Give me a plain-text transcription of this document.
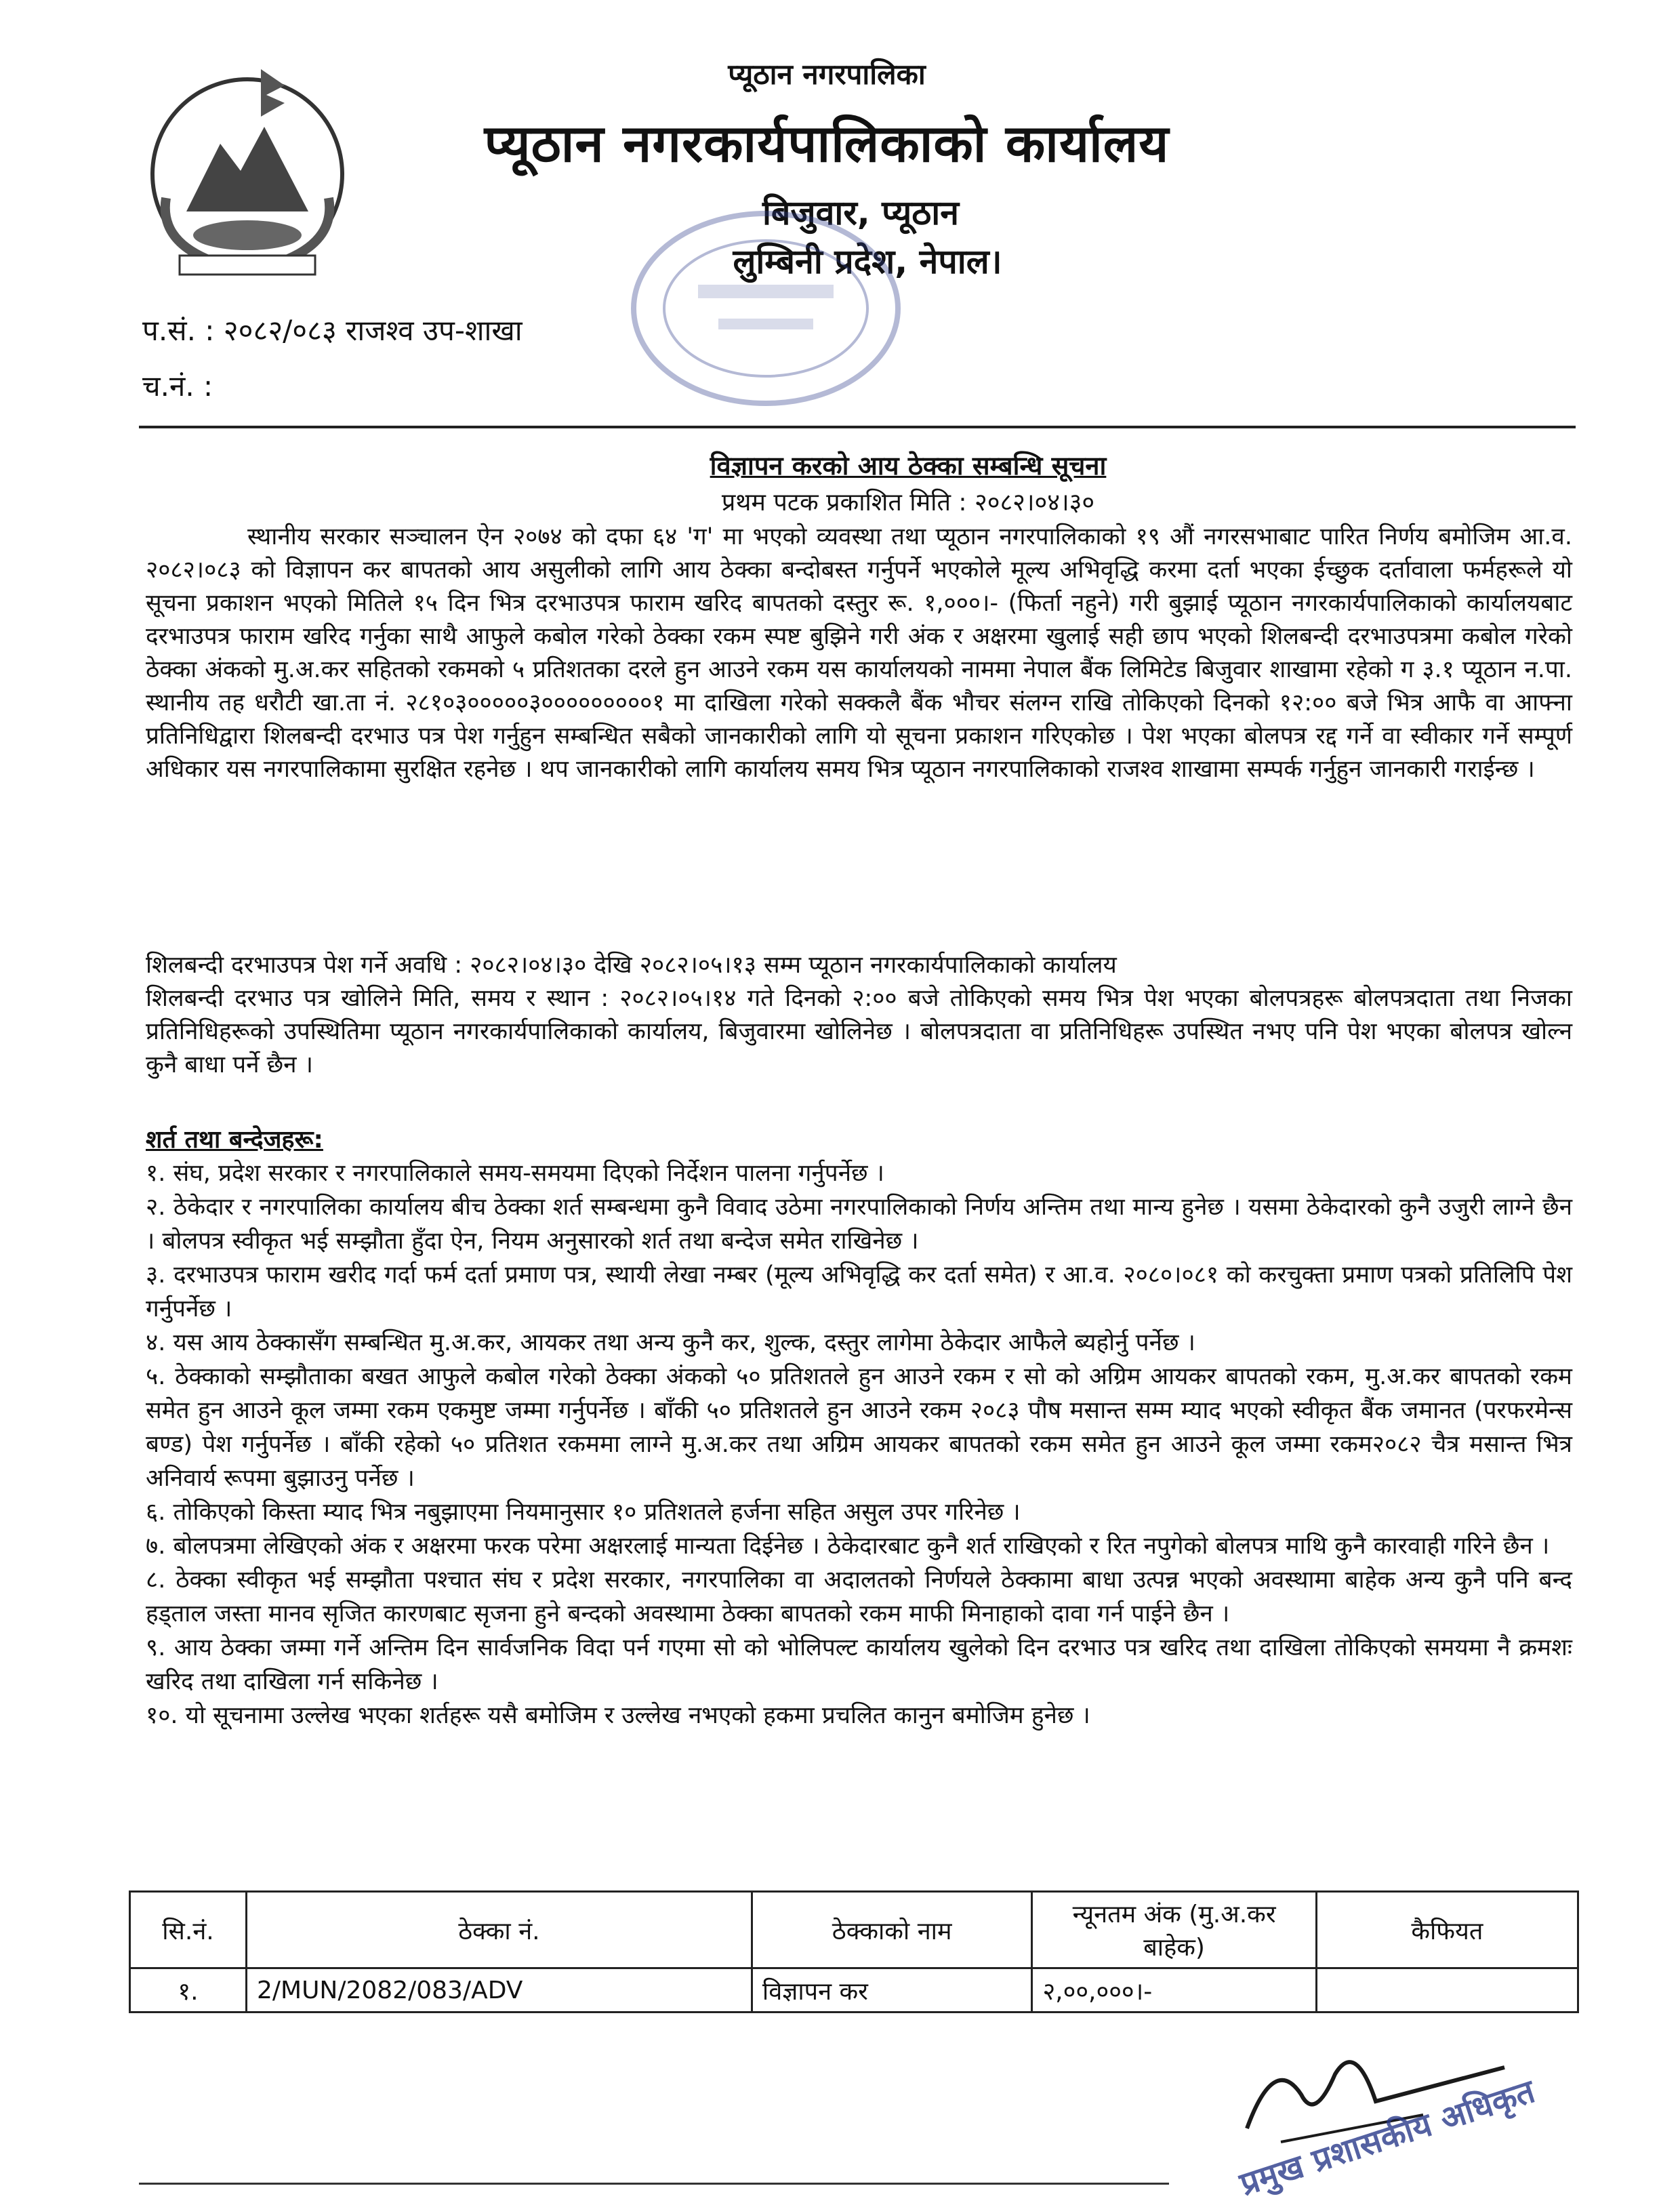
प्यूठान नगरपालिका

प्यूठान नगरकार्यपालिकाको कार्यालय

बिजुवार, प्यूठान

लुम्बिनी प्रदेश, नेपाल।

प.सं. : २०८२/०८३ राजश्व उप-शाखा

च.नं. :

विज्ञापन करको आय ठेक्का सम्बन्धि सूचना

प्रथम पटक प्रकाशित मिति : २०८२।०४।३०

स्थानीय सरकार सञ्चालन ऐन २०७४ को दफा ६४ 'ग' मा भएको व्यवस्था तथा प्यूठान नगरपालिकाको १९ औं नगरसभाबाट पारित निर्णय बमोजिम आ.व. २०८२।०८३ को विज्ञापन कर बापतको आय असुलीको लागि आय ठेक्का बन्दोबस्त गर्नुपर्ने भएकोले मूल्य अभिवृद्धि करमा दर्ता भएका ईच्छुक दर्तावाला फर्महरूले यो सूचना प्रकाशन भएको मितिले १५ दिन भित्र दरभाउपत्र फाराम खरिद बापतको दस्तुर रू. १,०००।- (फिर्ता नहुने) गरी बुझाई प्यूठान नगरकार्यपालिकाको कार्यालयबाट दरभाउपत्र फाराम खरिद गर्नुका साथै आफुले कबोल गरेको ठेक्का रकम स्पष्ट बुझिने गरी अंक र अक्षरमा खुलाई सही छाप भएको शिलबन्दी दरभाउपत्रमा कबोल गरेको ठेक्का अंकको मु.अ.कर सहितको रकमको ५ प्रतिशतका दरले हुन आउने रकम यस कार्यालयको नाममा नेपाल बैंक लिमिटेड बिजुवार शाखामा रहेको ग ३.१ प्यूठान न.पा. स्थानीय तह धरौटी खा.ता नं. २८१०३०००००३०००००००००१ मा दाखिला गरेको सक्कलै बैंक भौचर संलग्न राखि तोकिएको दिनको १२:०० बजे भित्र आफै वा आफ्ना प्रतिनिधिद्वारा शिलबन्दी दरभाउ पत्र पेश गर्नुहुन सम्बन्धित सबैको जानकारीको लागि यो सूचना प्रकाशन गरिएकोछ । पेश भएका बोलपत्र रद्द गर्ने वा स्वीकार गर्ने सम्पूर्ण अधिकार यस नगरपालिकामा सुरक्षित रहनेछ । थप जानकारीको लागि कार्यालय समय भित्र प्यूठान नगरपालिकाको राजश्व शाखामा सम्पर्क गर्नुहुन जानकारी गराईन्छ ।

शिलबन्दी दरभाउपत्र पेश गर्ने अवधि : २०८२।०४।३० देखि २०८२।०५।१३ सम्म प्यूठान नगरकार्यपालिकाको कार्यालय

शिलबन्दी दरभाउ पत्र खोलिने मिति, समय र स्थान : २०८२।०५।१४ गते दिनको २:०० बजे तोकिएको समय भित्र पेश भएका बोलपत्रहरू बोलपत्रदाता तथा निजका प्रतिनिधिहरूको उपस्थितिमा प्यूठान नगरकार्यपालिकाको कार्यालय, बिजुवारमा खोलिनेछ । बोलपत्रदाता वा प्रतिनिधिहरू उपस्थित नभए पनि पेश भएका बोलपत्र खोल्न कुनै बाधा पर्ने छैन ।

शर्त तथा बन्देजहरू:

१. संघ, प्रदेश सरकार र नगरपालिकाले समय-समयमा दिएको निर्देशन पालना गर्नुपर्नेछ ।
२. ठेकेदार र नगरपालिका कार्यालय बीच ठेक्का शर्त सम्बन्धमा कुनै विवाद उठेमा नगरपालिकाको निर्णय अन्तिम तथा मान्य हुनेछ । यसमा ठेकेदारको कुनै उजुरी लाग्ने छैन । बोलपत्र स्वीकृत भई सम्झौता हुँदा ऐन, नियम अनुसारको शर्त तथा बन्देज समेत राखिनेछ ।
३. दरभाउपत्र फाराम खरीद गर्दा फर्म दर्ता प्रमाण पत्र, स्थायी लेखा नम्बर (मूल्य अभिवृद्धि कर दर्ता समेत) र आ.व. २०८०।०८१ को करचुक्ता प्रमाण पत्रको प्रतिलिपि पेश गर्नुपर्नेछ ।
४. यस आय ठेक्कासँग सम्बन्धित मु.अ.कर, आयकर तथा अन्य कुनै कर, शुल्क, दस्तुर लागेमा ठेकेदार आफैले ब्यहोर्नु पर्नेछ ।
५. ठेक्काको सम्झौताका बखत आफुले कबोल गरेको ठेक्का अंकको ५० प्रतिशतले हुन आउने रकम र सो को अग्रिम आयकर बापतको रकम, मु.अ.कर बापतको रकम समेत हुन आउने कूल जम्मा रकम एकमुष्ट जम्मा गर्नुपर्नेछ । बाँकी ५० प्रतिशतले हुन आउने रकम २०८३ पौष मसान्त सम्म म्याद भएको स्वीकृत बैंक जमानत (परफरमेन्स बण्ड) पेश गर्नुपर्नेछ । बाँकी रहेको ५० प्रतिशत रकममा लाग्ने मु.अ.कर तथा अग्रिम आयकर बापतको रकम समेत हुन आउने कूल जम्मा रकम२०८२ चैत्र मसान्त भित्र अनिवार्य रूपमा बुझाउनु पर्नेछ ।
६. तोकिएको किस्ता म्याद भित्र नबुझाएमा नियमानुसार १० प्रतिशतले हर्जना सहित असुल उपर गरिनेछ ।
७. बोलपत्रमा लेखिएको अंक र अक्षरमा फरक परेमा अक्षरलाई मान्यता दिईनेछ । ठेकेदारबाट कुनै शर्त राखिएको र रित नपुगेको बोलपत्र माथि कुनै कारवाही गरिने छैन ।
८. ठेक्का स्वीकृत भई सम्झौता पश्चात संघ र प्रदेश सरकार, नगरपालिका वा अदालतको निर्णयले ठेक्कामा बाधा उत्पन्न भएको अवस्थामा बाहेक अन्य कुनै पनि बन्द हड्ताल जस्ता मानव सृजित कारणबाट सृजना हुने बन्दको अवस्थामा ठेक्का बापतको रकम माफी मिनाहाको दावा गर्न पाईने छैन ।
९. आय ठेक्का जम्मा गर्ने अन्तिम दिन सार्वजनिक विदा पर्न गएमा सो को भोलिपल्ट कार्यालय खुलेको दिन दरभाउ पत्र खरिद तथा दाखिला तोकिएको समयमा नै क्रमशः खरिद तथा दाखिला गर्न सकिनेछ ।
१०. यो सूचनामा उल्लेख भएका शर्तहरू यसै बमोजिम र उल्लेख नभएको हकमा प्रचलित कानुन बमोजिम हुनेछ ।
सि.नं.	ठेक्का नं.	ठेक्काको नाम	न्यूनतम अंक (मु.अ.कर बाहेक)	कैफियत
१.	2/MUN/2082/083/ADV	विज्ञापन कर	२,००,०००।-	

प्रमुख प्रशासकीय अधिकृत
